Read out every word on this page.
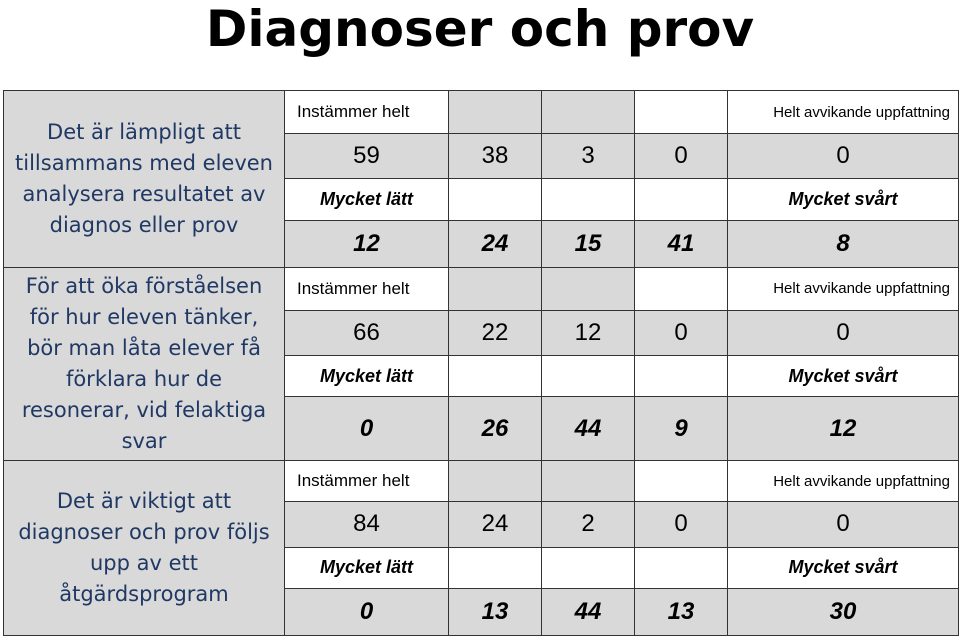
Diagnoser och prov
Det är lämpligt att tillsammans med eleven analysera resultatet av diagnos eller prov	Instämmer helt				Helt avvikande uppfattning
	59	38	3	0	0
	Mycket lätt				Mycket svårt
	12	24	15	41	8
För att öka förståelsen för hur eleven tänker, bör man låta elever få förklara hur de resonerar, vid felaktiga svar	Instämmer helt				Helt avvikande uppfattning
	66	22	12	0	0
	Mycket lätt				Mycket svårt
	0	26	44	9	12
Det är viktigt att diagnoser och prov följs upp av ett åtgärdsprogram	Instämmer helt				Helt avvikande uppfattning
	84	24	2	0	0
	Mycket lätt				Mycket svårt
	0	13	44	13	30
